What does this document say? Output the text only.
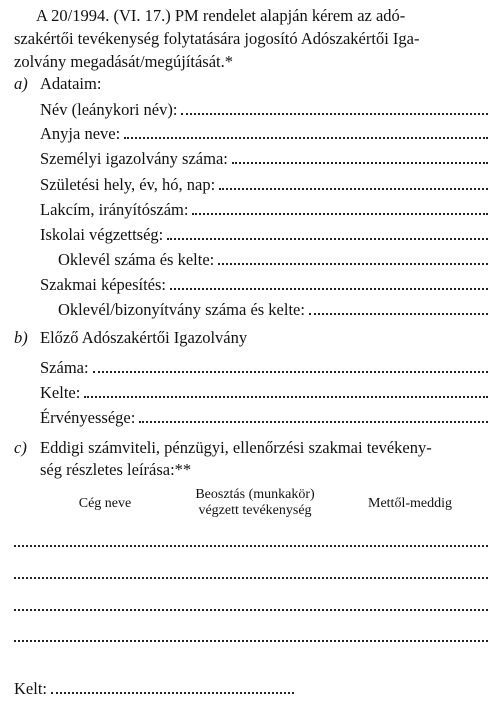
A 20/1994. (VI. 17.) PM rendelet alapján kérem az adó-
szakértői tevékenység folytatására jogosító Adószakértői Iga-
zolvány megadását/megújítását.*
a) Adataim:
Név (leánykori név):
Anyja neve:
Személyi igazolvány száma:
Születési hely, év, hó, nap:
Lakcím, irányítószám:
Iskolai végzettség:
Oklevél száma és kelte:
Szakmai képesítés:
Oklevél/bizonyítvány száma és kelte:
b) Előző Adószakértői Igazolvány
Száma:
Kelte:
Érvényessége:
c) Eddigi számviteli, pénzügyi, ellenőrzési szakmai tevékeny-
ség részletes leírása:**
Cég neve
Beosztás (munkakör)
végzett tevékenység	Mettől-meddig
Kelt:
